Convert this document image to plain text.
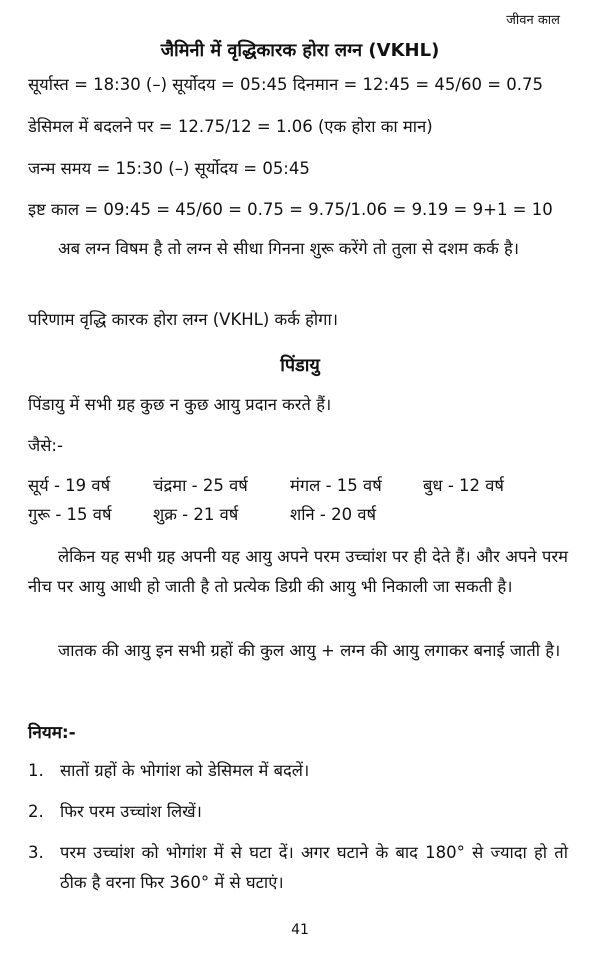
जीवन काल
जैमिनी में वृद्धिकारक होरा लग्न (VKHL)
सूर्यास्त = 18:30 (–) सूर्योदय = 05:45 दिनमान = 12:45 = 45/60 = 0.75
डेसिमल में बदलने पर = 12.75/12 = 1.06 (एक होरा का मान)
जन्म समय = 15:30 (–) सूर्योदय = 05:45
इष्ट काल = 09:45 = 45/60 = 0.75 = 9.75/1.06 = 9.19 = 9+1 = 10
अब लग्न विषम है तो लग्न से सीधा गिनना शुरू करेंगे तो तुला से दशम कर्क है।
परिणाम वृद्धि कारक होरा लग्न (VKHL) कर्क होगा।
पिंडायु
पिंडायु में सभी ग्रह कुछ न कुछ आयु प्रदान करते हैं।
जैसे:-
सूर्य - 19 वर्ष	चंद्रमा - 25 वर्ष	मंगल - 15 वर्ष	बुध - 12 वर्ष
गुरू - 15 वर्ष	शुक्र - 21 वर्ष	शनि - 20 वर्ष
लेकिन यह सभी ग्रह अपनी यह आयु अपने परम उच्चांश पर ही देते हैं। और अपने परम नीच पर आयु आधी हो जाती है तो प्रत्येक डिग्री की आयु भी निकाली जा सकती है।
जातक की आयु इन सभी ग्रहों की कुल आयु + लग्न की आयु लगाकर बनाई जाती है।
नियम:-
1. सातों ग्रहों के भोगांश को डेसिमल में बदलें।
2. फिर परम उच्चांश लिखें।
3. परम उच्चांश को भोगांश में से घटा दें। अगर घटाने के बाद 180° से ज्यादा हो तो ठीक है वरना फिर 360° में से घटाएं।
41
